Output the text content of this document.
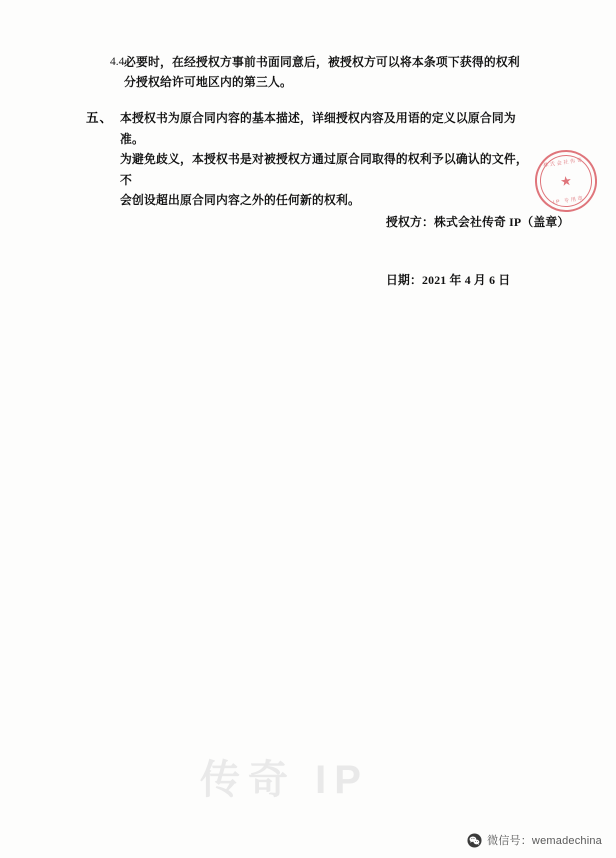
4.4 必要时，在经授权方事前书面同意后，被授权方可以将本条项下获得的权利分授权给许可地区内的第三人。
五、 本授权书为原合同内容的基本描述，详细授权内容及用语的定义以原合同为准。

为避免歧义，本授权书是对被授权方通过原合同取得的权利予以确认的文件，不

会创设超出原合同内容之外的任何新的权利。

授权方：株式会社传奇 IP（盖章）
日期：2021 年 4 月 6 日
株式会社传奇
★
IP 专用章
传奇 IP
微信号：wemadechina
